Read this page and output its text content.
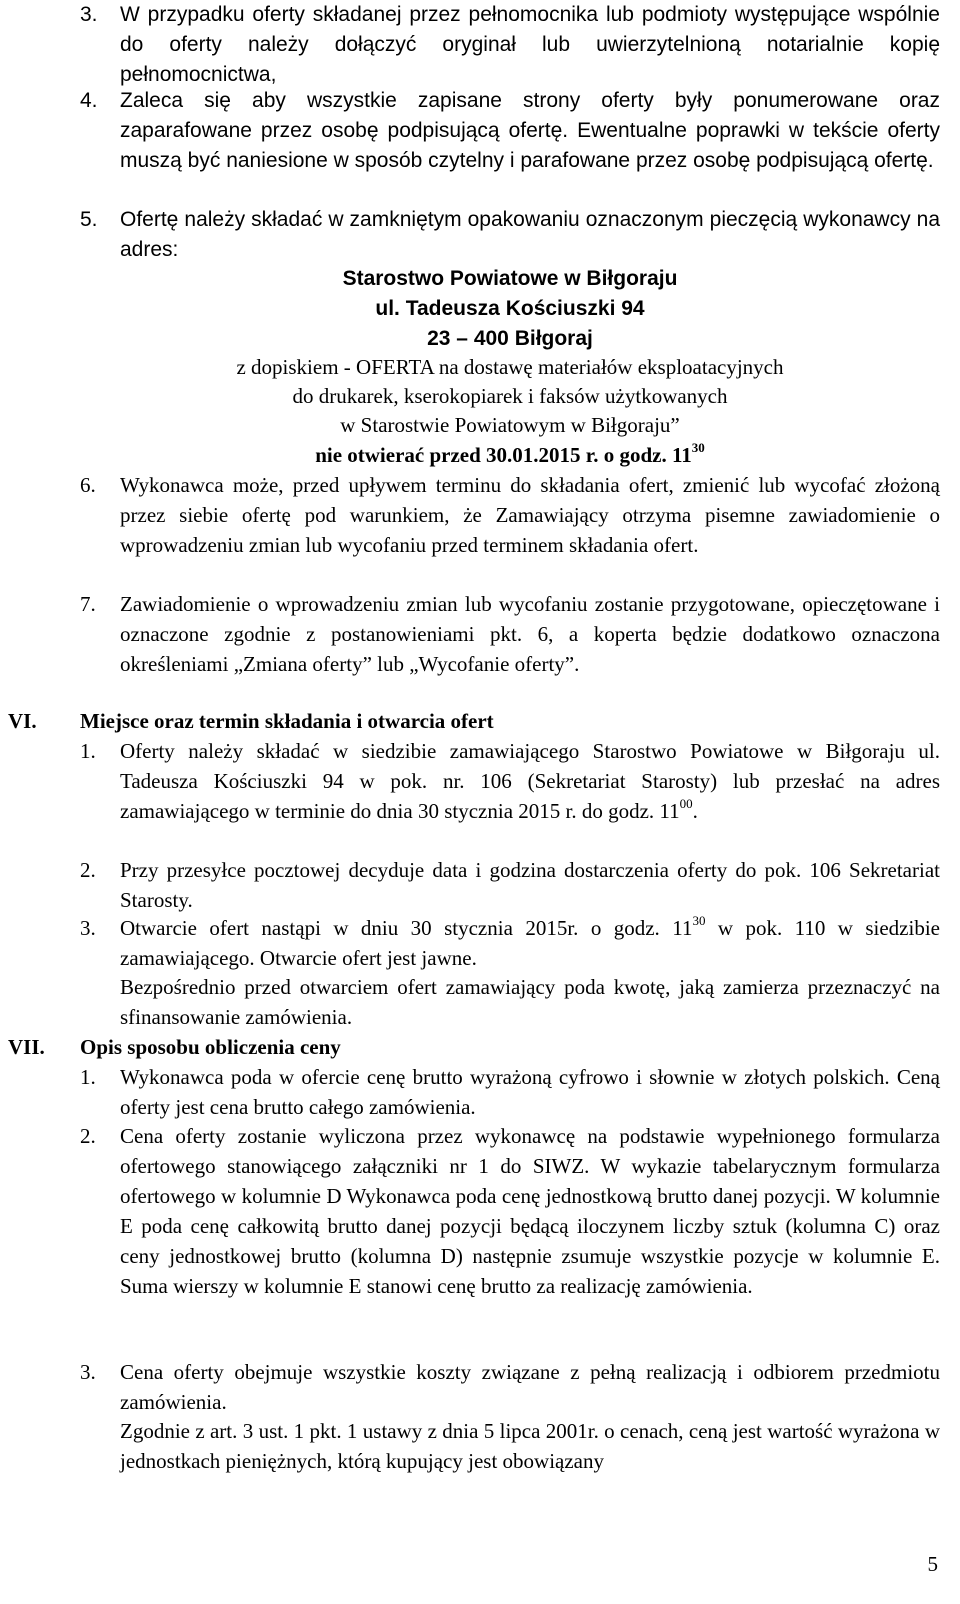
3. W przypadku oferty składanej przez pełnomocnika lub podmioty występujące wspólnie do oferty należy dołączyć oryginał lub uwierzytelnioną notarialnie kopię pełnomocnictwa,
4. Zaleca się aby wszystkie zapisane strony oferty były ponumerowane oraz zaparafowane przez osobę podpisującą ofertę. Ewentualne poprawki w tekście oferty muszą być naniesione w sposób czytelny i parafowane przez osobę podpisującą ofertę.
5. Ofertę należy składać w zamkniętym opakowaniu oznaczonym pieczęcią wykonawcy na adres:
Starostwo Powiatowe w Biłgoraju
ul. Tadeusza Kościuszki 94
23 – 400 Biłgoraj
z dopiskiem - OFERTA na dostawę materiałów eksploatacyjnych
do drukarek, kserokopiarek i faksów użytkowanych
w Starostwie Powiatowym w Biłgoraju”
nie otwierać przed 30.01.2015 r. o godz. $11^{30}$
6. Wykonawca może, przed upływem terminu do składania ofert, zmienić lub wycofać złożoną przez siebie ofertę pod warunkiem, że Zamawiający otrzyma pisemne zawiadomienie o wprowadzeniu zmian lub wycofaniu przed terminem składania ofert.
7. Zawiadomienie o wprowadzeniu zmian lub wycofaniu zostanie przygotowane, opieczętowane i oznaczone zgodnie z postanowieniami pkt. 6, a koperta będzie dodatkowo oznaczona określeniami „Zmiana oferty” lub „Wycofanie oferty”.
VI. Miejsce oraz termin składania i otwarcia ofert
1. Oferty należy składać w siedzibie zamawiającego Starostwo Powiatowe w Biłgoraju ul. Tadeusza Kościuszki 94 w pok. nr. 106 (Sekretariat Starosty) lub przesłać na adres zamawiającego w terminie do dnia 30 stycznia 2015 r. do godz. $11^{00}$.
2. Przy przesyłce pocztowej decyduje data i godzina dostarczenia oferty do pok. 106 Sekretariat Starosty.
3. Otwarcie ofert nastąpi w dniu 30 stycznia 2015r. o godz. $11^{30}$ w pok. 110 w siedzibie zamawiającego. Otwarcie ofert jest jawne.
Bezpośrednio przed otwarciem ofert zamawiający poda kwotę, jaką zamierza przeznaczyć na sfinansowanie zamówienia.
VII. Opis sposobu obliczenia ceny
1. Wykonawca poda w ofercie cenę brutto wyrażoną cyfrowo i słownie w złotych polskich. Ceną oferty jest cena brutto całego zamówienia.
2. Cena oferty zostanie wyliczona przez wykonawcę na podstawie wypełnionego formularza ofertowego stanowiącego załączniki nr 1 do SIWZ. W wykazie tabelarycznym formularza ofertowego w kolumnie D Wykonawca poda cenę jednostkową brutto danej pozycji. W kolumnie E poda cenę całkowitą brutto danej pozycji będącą iloczynem liczby sztuk (kolumna C) oraz ceny jednostkowej brutto (kolumna D) następnie zsumuje wszystkie pozycje w kolumnie E. Suma wierszy w kolumnie E stanowi cenę brutto za realizację zamówienia.
3. Cena oferty obejmuje wszystkie koszty związane z pełną realizacją i odbiorem przedmiotu zamówienia.
Zgodnie z art. 3 ust. 1 pkt. 1 ustawy z dnia 5 lipca 2001r. o cenach, ceną jest wartość wyrażona w jednostkach pieniężnych, którą kupujący jest obowiązany
5
